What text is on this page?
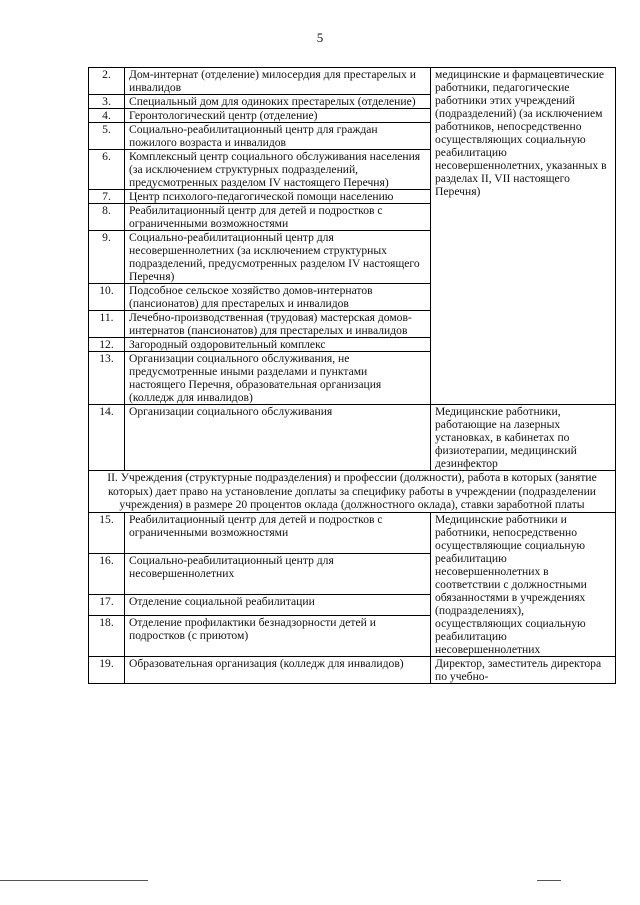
5
2.	Дом-интернат (отделение) милосердия для престарелых и инвалидов	медицинские и фармацевтические работники, педагогические работники этих учреждений (подразделений) (за исключением работников, непосредственно осуществляющих социальную реабилитацию несовершеннолетних, указанных в разделах II, VII настоящего Перечня)
3.	Специальный дом для одиноких престарелых (отделение)	
4.	Геронтологический центр (отделение)	
5.	Социально-реабилитационный центр для граждан пожилого возраста и инвалидов	
6.	Комплексный центр социального обслуживания населения (за исключением структурных подразделений, предусмотренных разделом IV настоящего Перечня)	
7.	Центр психолого-педагогической помощи населению	
8.	Реабилитационный центр для детей и подростков с ограниченными возможностями	
9.	Социально-реабилитационный центр для несовершеннолетних (за исключением структурных подразделений, предусмотренных разделом IV настоящего Перечня)	
10.	Подсобное сельское хозяйство домов-интернатов (пансионатов) для престарелых и инвалидов	
11.	Лечебно-производственная (трудовая) мастерская домов-интернатов (пансионатов) для престарелых и инвалидов	
12.	Загородный оздоровительный комплекс	
13.	Организации социального обслуживания, не предусмотренные иными разделами и пунктами настоящего Перечня, образовательная организация (колледж для инвалидов)	
14.	Организации социального обслуживания	Медицинские работники, работающие на лазерных установках, в кабинетах по физиотерапии, медицинский дезинфектор
II. Учреждения (структурные подразделения) и профессии (должности), работа в которых (занятие которых) дает право на установление доплаты за специфику работы в учреждении (подразделении учреждения) в размере 20 процентов оклада (должностного оклада), ставки заработной платы		
15.	Реабилитационный центр для детей и подростков с ограниченными возможностями	Медицинские работники и работники, непосредственно осуществляющие социальную реабилитацию несовершеннолетних в соответствии с должностными обязанностями в учреждениях (подразделениях), осуществляющих социальную реабилитацию несовершеннолетних
16.	Социально-реабилитационный центр для несовершеннолетних	
17.	Отделение социальной реабилитации	
18.	Отделение профилактики безнадзорности детей и подростков (с приютом)	
19.	Образовательная организация (колледж для инвалидов)	Директор, заместитель директора по учебно-
